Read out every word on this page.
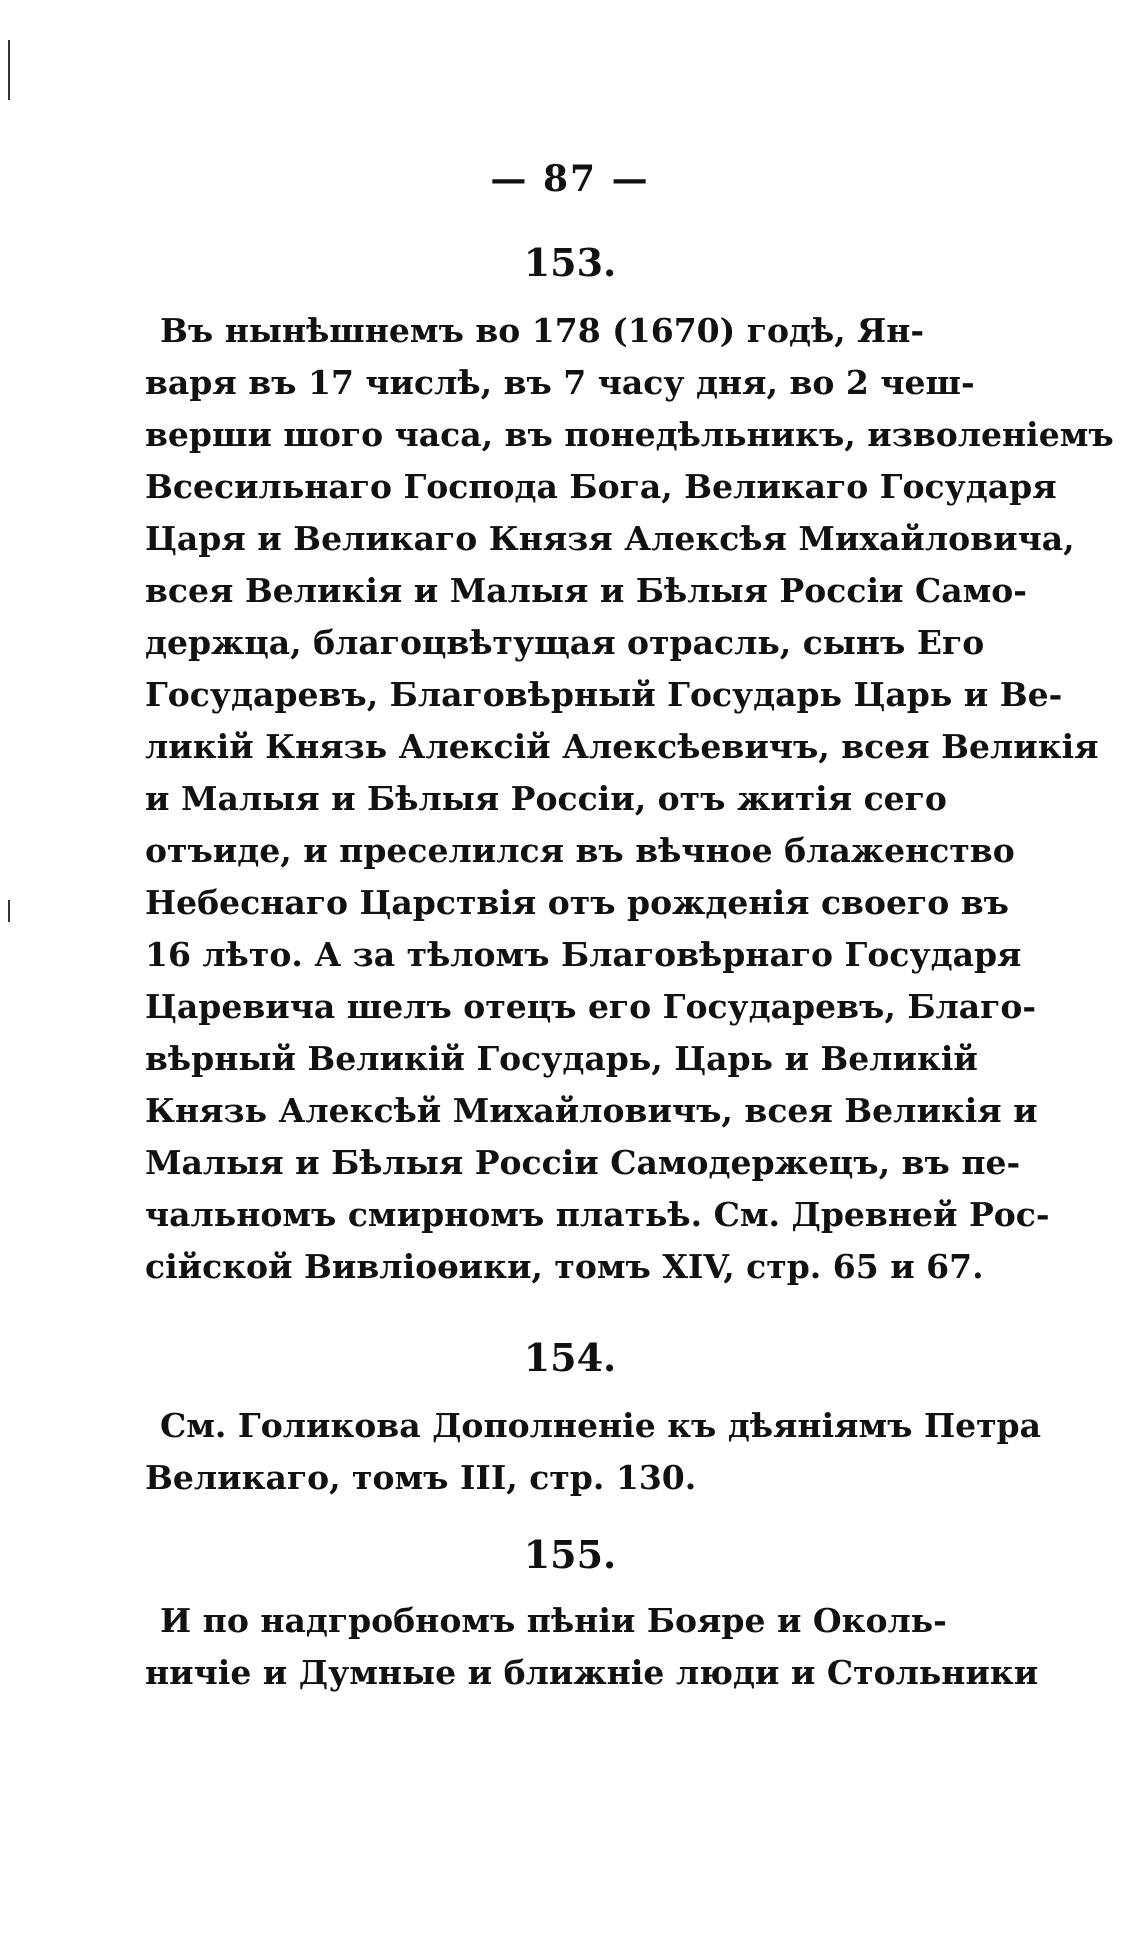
— 87 —
153.
Въ нынѣшнемъ во 178 (1670) годѣ, Ян-
варя въ 17 числѣ, въ 7 часу дня, во 2 чеш-
верши шого часа, въ понедѣльникъ, изволенiемъ
Всесильнаго Господа Бога, Великаго Государя
Царя и Великаго Князя Алексѣя Михайловича,
всея Великiя и Малыя и Бѣлыя Россiи Само-
держца, благоцвѣтущая отрасль, сынъ Его
Государевъ, Благовѣрный Государь Царь и Ве-
ликiй Князь Алексiй Алексѣевичъ, всея Великiя
и Малыя и Бѣлыя Россiи, отъ житiя сего
отъиде, и преселился въ вѣчное блаженство
Небеснаго Царствiя отъ рожденiя своего въ
16 лѣто. А за тѣломъ Благовѣрнаго Государя
Царевича шелъ отецъ его Государевъ, Благо-
вѣрный Великiй Государь, Царь и Великiй
Князь Алексѣй Михайловичъ, всея Великiя и
Малыя и Бѣлыя Россiи Самодержецъ, въ пе-
чальномъ смирномъ платьѣ. См. Древней Рос-
сiйской Вивлiоѳики, томъ XIV, стр. 65 и 67.
154.
См. Голикова Дополненiе къ дѣянiямъ Петра
Великаго, томъ III, стр. 130.
155.
И по надгробномъ пѣнiи Бояре и Околь-
ничiе и Думные и ближнiе люди и Стольники
